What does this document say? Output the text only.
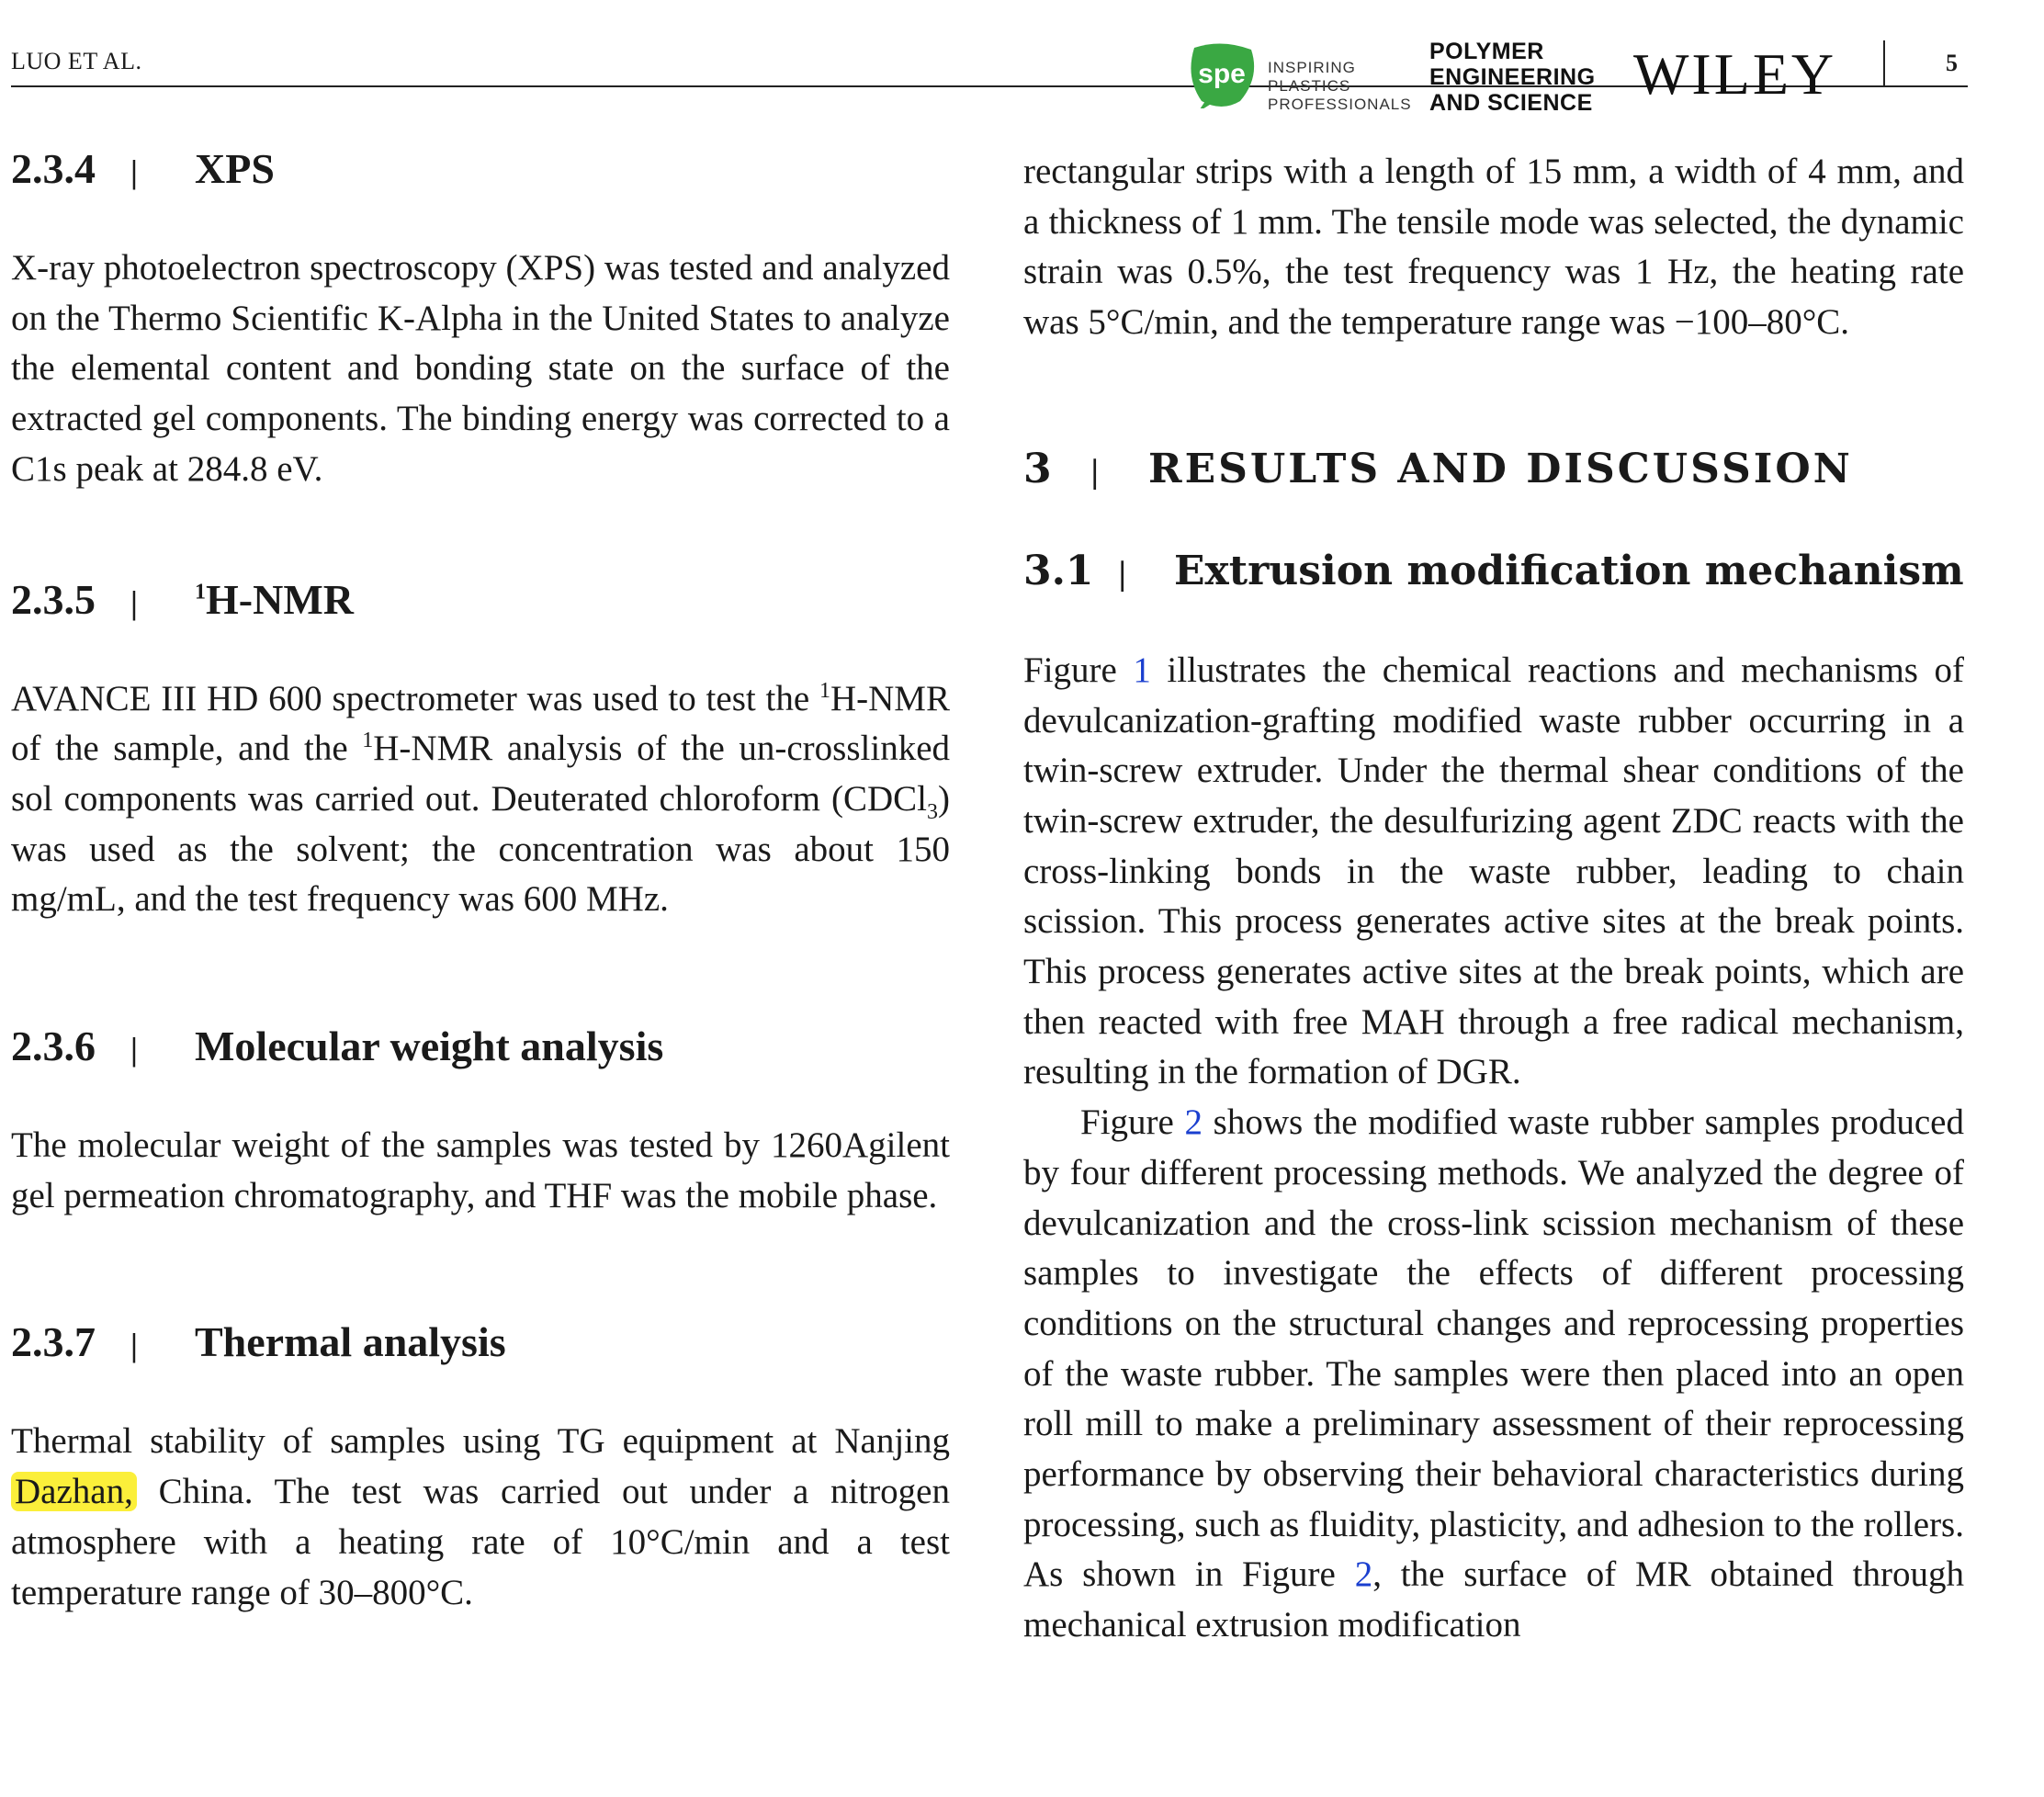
LUO ET AL.	spe INSPIRING
PLASTICS
PROFESSIONALS
POLYMER
ENGINEERING
AND SCIENCE WILEY	5
2.3.4	|	XPS

X-ray photoelectron spectroscopy (XPS) was tested and analyzed on the Thermo Scientific K-Alpha in the United States to analyze the elemental content and bonding state on the surface of the extracted gel components. The binding energy was corrected to a C1s peak at 284.8 eV.

2.3.5	|	$^1$H-NMR

AVANCE III HD 600 spectrometer was used to test the $^1$H-NMR of the sample, and the $^1$H-NMR analysis of the un-crosslinked sol components was carried out. Deuterated chloroform (CDCl$_3$) was used as the solvent; the concentration was about 150 mg/mL, and the test frequency was 600 MHz.

2.3.6	|	Molecular weight analysis

The molecular weight of the samples was tested by 1260Agilent gel permeation chromatography, and THF was the mobile phase.

2.3.7	|	Thermal analysis

Thermal stability of samples using TG equipment at Nanjing Dazhan, China. The test was carried out under a nitrogen atmosphere with a heating rate of 10°C/min and a test temperature range of 30–800°C.

rectangular strips with a length of 15 mm, a width of 4 mm, and a thickness of 1 mm. The tensile mode was selected, the dynamic strain was 0.5%, the test frequency was 1 Hz, the heating rate was 5°C/min, and the temperature range was −100–80°C.

3	|	RESULTS AND DISCUSSION
3.1 |	Extrusion modification mechanism

Figure 1 illustrates the chemical reactions and mechanisms of devulcanization-grafting modified waste rubber occurring in a twin-screw extruder. Under the thermal shear conditions of the twin-screw extruder, the desulfurizing agent ZDC reacts with the cross-linking bonds in the waste rubber, leading to chain scission. This process generates active sites at the break points. This process generates active sites at the break points, which are then reacted with free MAH through a free radical mechanism, resulting in the formation of DGR.

Figure 2 shows the modified waste rubber samples produced by four different processing methods. We analyzed the degree of devulcanization and the cross-link scission mechanism of these samples to investigate the effects of different processing conditions on the structural changes and reprocessing properties of the waste rubber. The samples were then placed into an open roll mill to make a preliminary assessment of their reprocessing performance by observing their behavioral characteristics during processing, such as fluidity, plasticity, and adhesion to the rollers. As shown in Figure 2, the surface of MR obtained through mechanical extrusion modification
